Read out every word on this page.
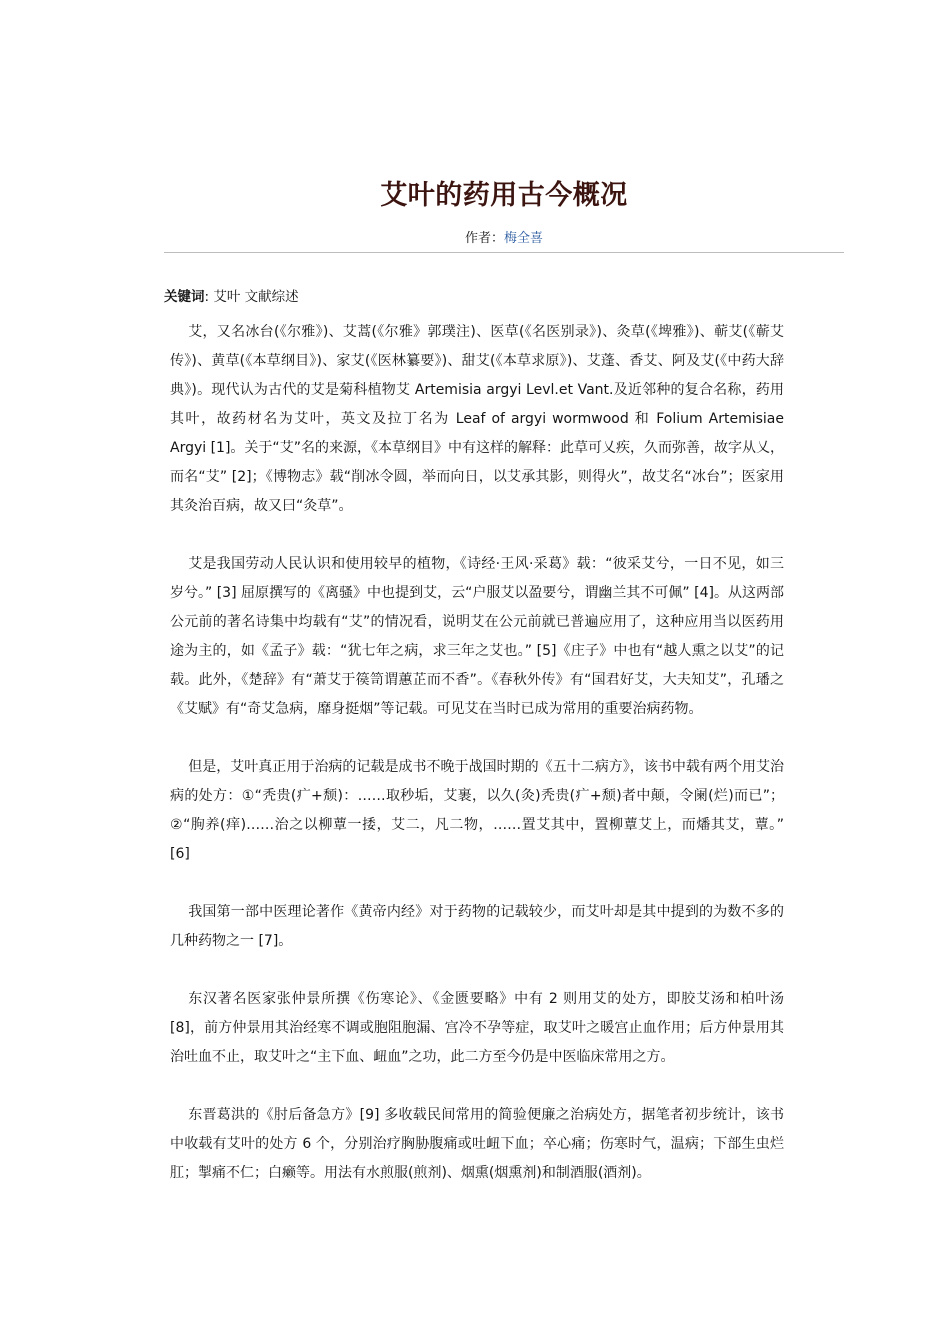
艾叶的药用古今概况
作者：梅全喜
关键词: 艾叶 文献综述

艾，又名冰台(《尔雅》)、艾蒿(《尔雅》郭璞注)、医草(《名医别录》)、灸草(《埤雅》)、蕲艾(《蕲艾传》)、黄草(《本草纲目》)、家艾(《医林纂要》)、甜艾(《本草求原》)、艾蓬、香艾、阿及艾(《中药大辞典》)。现代认为古代的艾是菊科植物艾 Artemisia argyi Levl.et Vant.及近邻种的复合名称，药用其叶，故药材名为艾叶，英文及拉丁名为 Leaf of argyi wormwood 和 Folium Artemisiae Argyi [1]。关于“艾”名的来源，《本草纲目》中有这样的解释：此草可乂疾，久而弥善，故字从乂，而名“艾” [2]；《博物志》载“削冰令圆，举而向日，以艾承其影，则得火”，故艾名“冰台”；医家用其灸治百病，故又曰“灸草”。

艾是我国劳动人民认识和使用较早的植物，《诗经·王风·采葛》载：“彼采艾兮，一日不见，如三岁兮。” [3] 屈原撰写的《离骚》中也提到艾，云“户服艾以盈要兮，谓幽兰其不可佩” [4]。从这两部公元前的著名诗集中均载有“艾”的情况看，说明艾在公元前就已普遍应用了，这种应用当以医药用途为主的，如《孟子》载：“犹七年之病，求三年之艾也。” [5]《庄子》中也有“越人熏之以艾”的记载。此外，《楚辞》有“萧艾于篌笥谓蕙芷而不香”。《春秋外传》有“国君好艾，大夫知艾”，孔璠之《艾赋》有“奇艾急病，靡身挺烟”等记载。可见艾在当时已成为常用的重要治病药物。

但是，艾叶真正用于治病的记载是成书不晚于战国时期的《五十二病方》，该书中载有两个用艾治病的处方：①“秃贵(疒+颓)：……取秒垢，艾裹，以久(灸)秃贵(疒+颓)者中颠，令阑(烂)而已”；②“朐养(痒)……治之以柳蕈一捼，艾二，凡二物，……置艾其中，置柳蕈艾上，而燔其艾，蕈。” [6]

我国第一部中医理论著作《黄帝内经》对于药物的记载较少，而艾叶却是其中提到的为数不多的几种药物之一 [7]。

东汉著名医家张仲景所撰《伤寒论》、《金匮要略》中有 2 则用艾的处方，即胶艾汤和柏叶汤 [8]，前方仲景用其治经寒不调或胞阻胞漏、宫冷不孕等症，取艾叶之暖宫止血作用；后方仲景用其治吐血不止，取艾叶之“主下血、衄血”之功，此二方至今仍是中医临床常用之方。

东晋葛洪的《肘后备急方》[9] 多收载民间常用的简验便廉之治病处方，据笔者初步统计，该书中收载有艾叶的处方 6 个，分别治疗胸胁腹痛或吐衄下血；卒心痛；伤寒时气，温病；下部生虫烂肛；掣痛不仁；白癞等。用法有水煎服(煎剂)、烟熏(烟熏剂)和制酒服(酒剂)。
